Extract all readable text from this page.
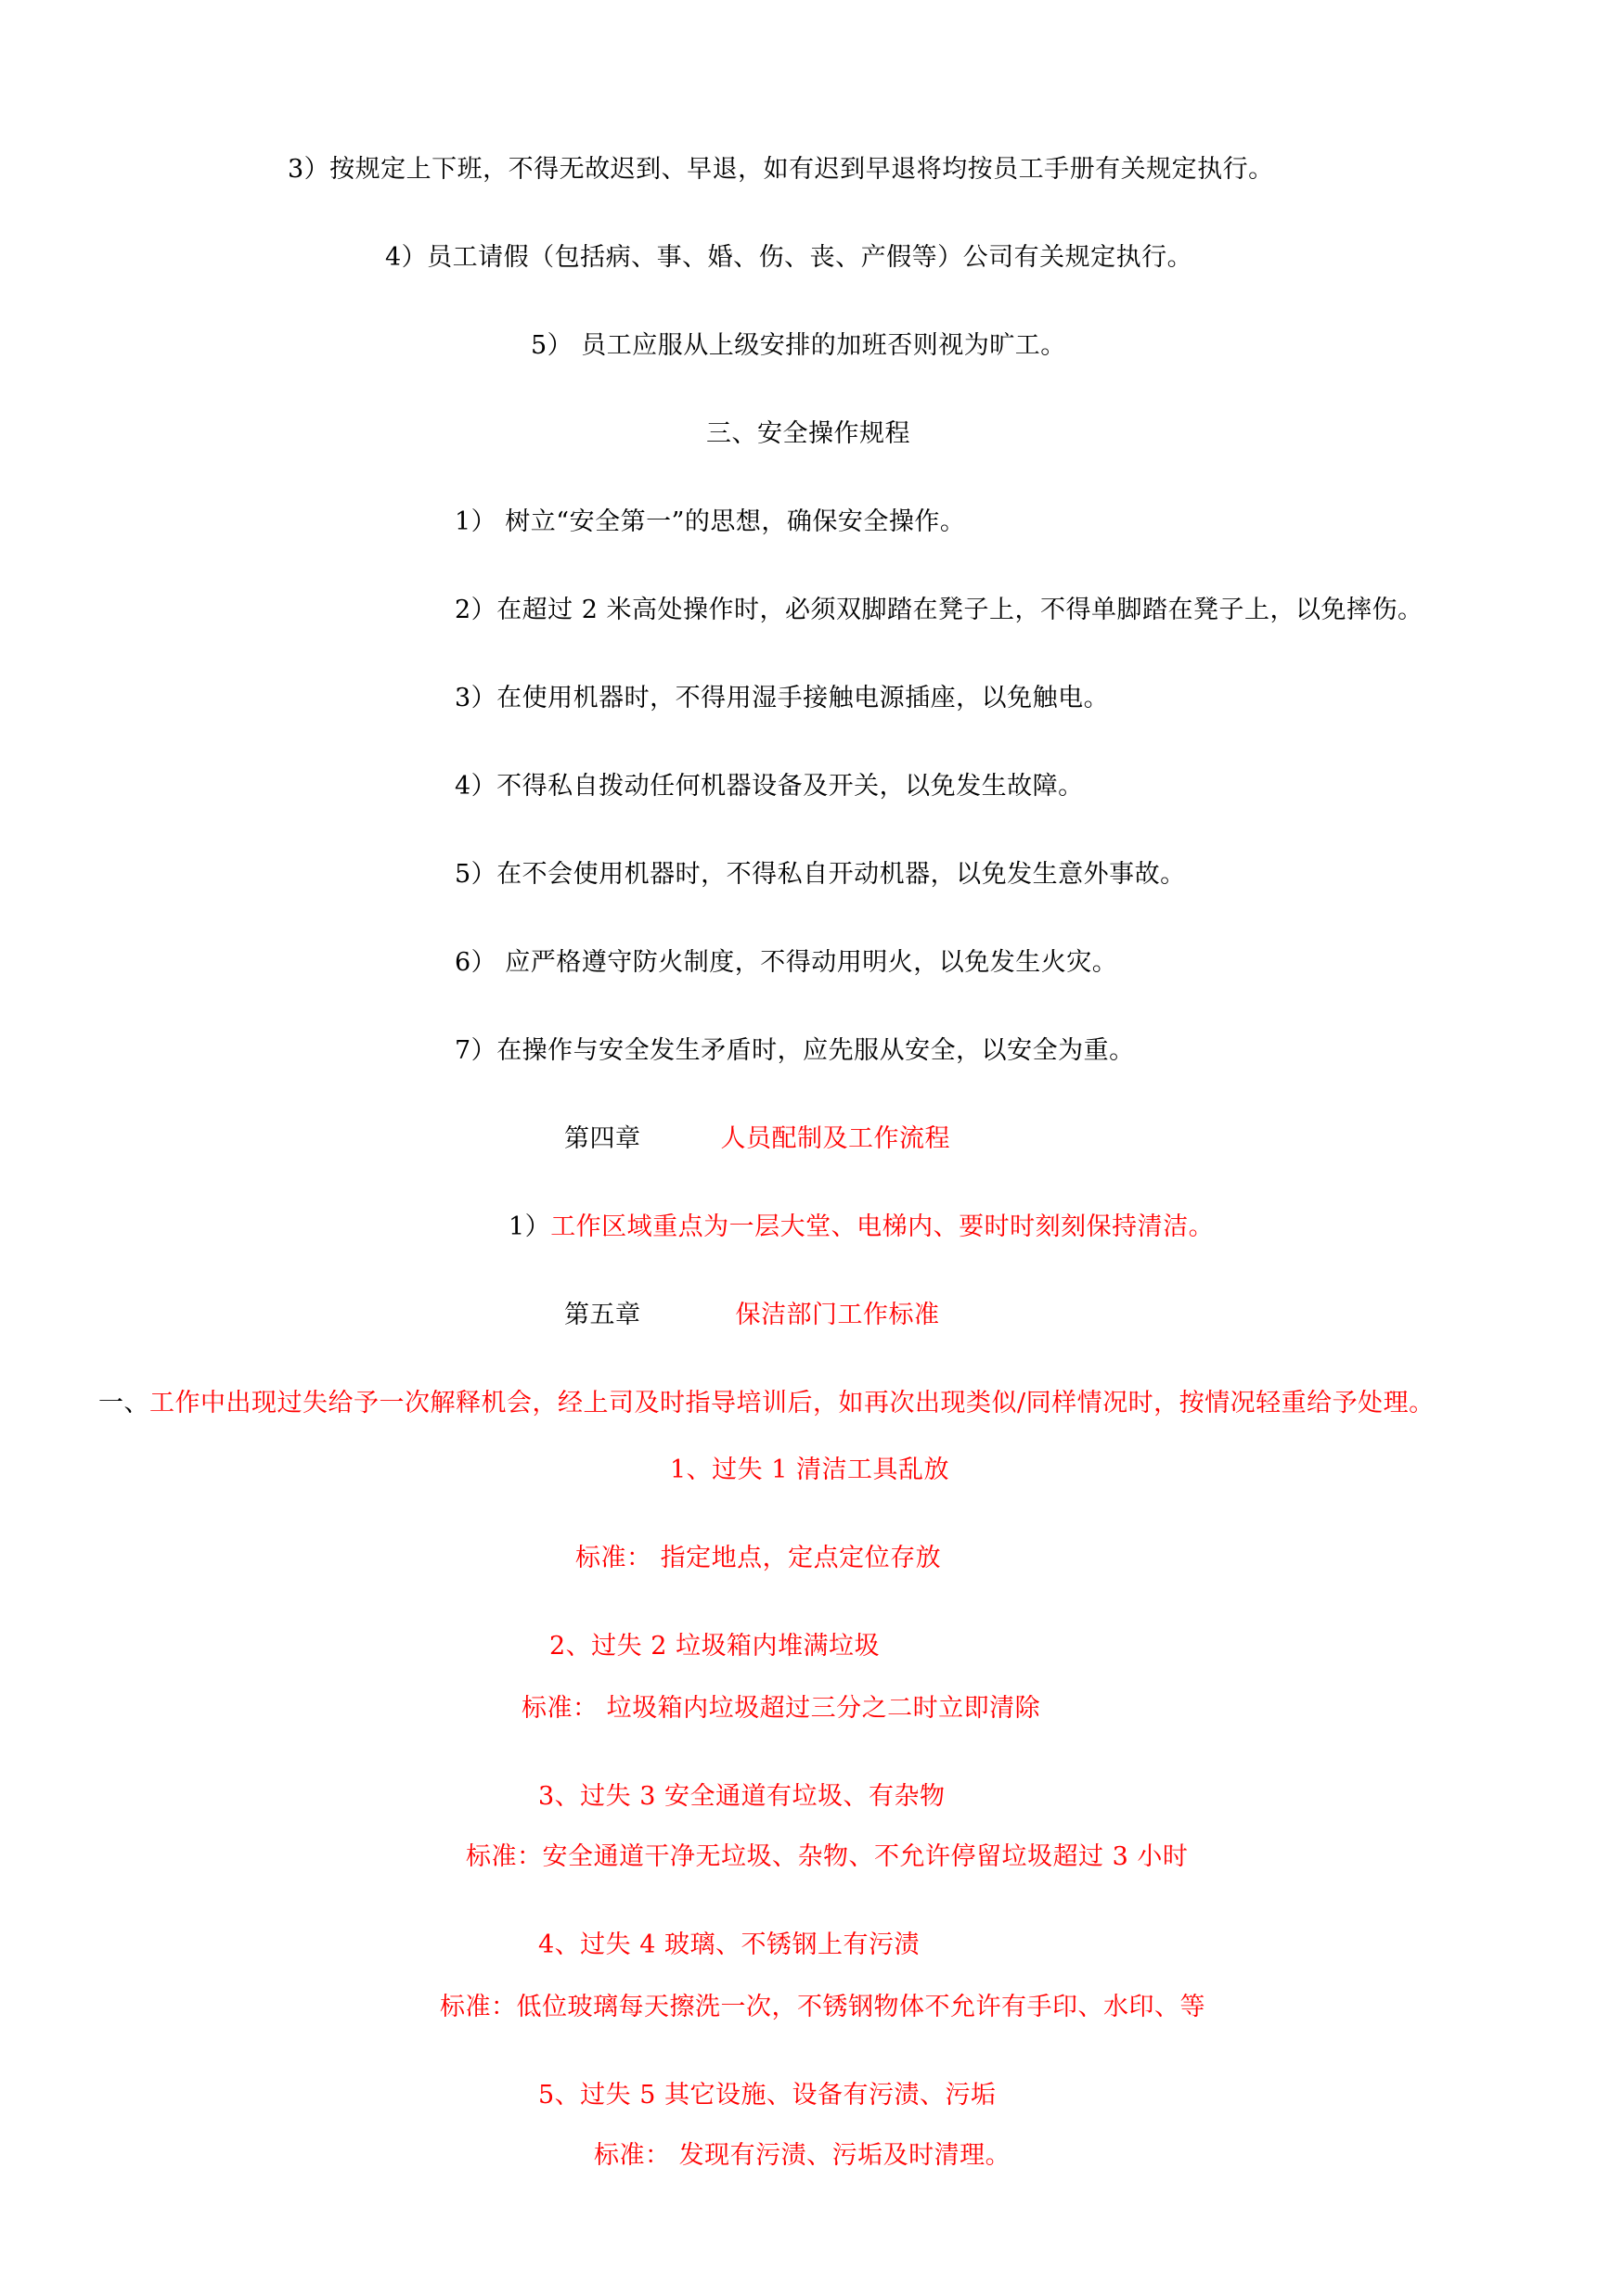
3）按规定上下班，不得无故迟到、早退，如有迟到早退将均按员工手册有关规定执行。
4）员工请假（包括病、事、婚、伤、丧、产假等）公司有关规定执行。
5） 员工应服从上级安排的加班否则视为旷工。
三、安全操作规程
1） 树立“安全第一”的思想，确保安全操作。
2）在超过 2 米高处操作时，必须双脚踏在凳子上，不得单脚踏在凳子上，以免摔伤。
3）在使用机器时，不得用湿手接触电源插座，以免触电。
4）不得私自拨动任何机器设备及开关，以免发生故障。
5）在不会使用机器时，不得私自开动机器，以免发生意外事故。
6） 应严格遵守防火制度，不得动用明火，以免发生火灾。
7）在操作与安全发生矛盾时，应先服从安全，以安全为重。
第四章	人员配制及工作流程
1）工作区域重点为一层大堂、电梯内、要时时刻刻保持清洁。
第五章	保洁部门工作标准
一、工作中出现过失给予一次解释机会，经上司及时指导培训后，如再次出现类似/同样情况时，按情况轻重给予处理。
1、过失 1 清洁工具乱放
标准： 指定地点，定点定位存放
2、过失 2 垃圾箱内堆满垃圾
标准： 垃圾箱内垃圾超过三分之二时立即清除
3、过失 3 安全通道有垃圾、有杂物
标准：安全通道干净无垃圾、杂物、不允许停留垃圾超过 3 小时
4、过失 4 玻璃、不锈钢上有污渍
标准：低位玻璃每天擦洗一次，不锈钢物体不允许有手印、水印、等
5、过失 5 其它设施、设备有污渍、污垢
标准： 发现有污渍、污垢及时清理。
